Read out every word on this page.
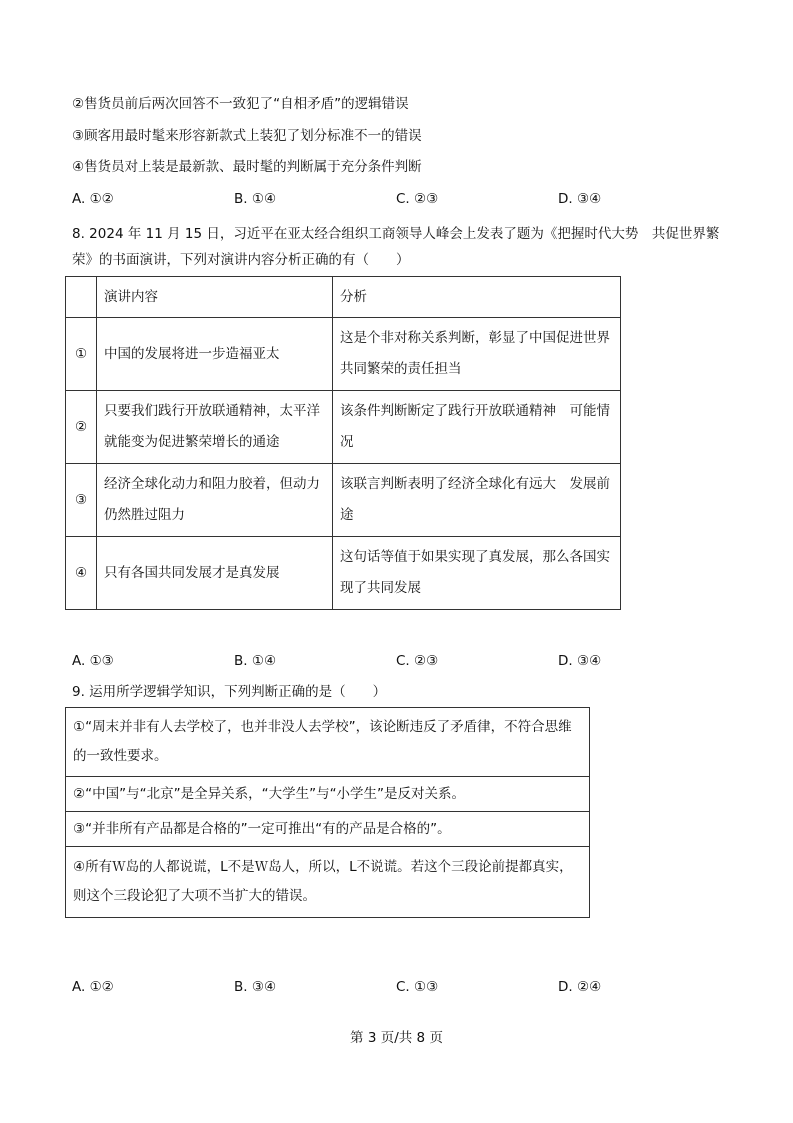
②售货员前后两次回答不一致犯了“自相矛盾”的逻辑错误
③顾客用最时髦来形容新款式上装犯了划分标准不一的错误
④售货员对上装是最新款、最时髦的判断属于充分条件判断
A. ①②	B. ①④	C. ②③	D. ③④
8. 2024 年 11 月 15 日，习近平在亚太经合组织工商领导人峰会上发表了题为《把握时代大势　共促世界繁
荣》的书面演讲，下列对演讲内容分析正确的有（　　）
	演讲内容	分析
①	中国的发展将进一步造福亚太	这是个非对称关系判断，彰显了中国促进世界共同繁荣的责任担当
②	只要我们践行开放联通精神，太平洋就能变为促进繁荣增长的通途	该条件判断断定了践行开放联通精神　可能情况
③	经济全球化动力和阻力胶着，但动力仍然胜过阻力	该联言判断表明了经济全球化有远大　发展前途
④	只有各国共同发展才是真发展	这句话等值于如果实现了真发展，那么各国实现了共同发展
A. ①③	B. ①④	C. ②③	D. ③④
9. 运用所学逻辑学知识，下列判断正确的是（　　）
①“周末并非有人去学校了，也并非没人去学校”，该论断违反了矛盾律，不符合思维的一致性要求。
②“中国”与“北京”是全异关系，“大学生”与“小学生”是反对关系。
③“并非所有产品都是合格的”一定可推出“有的产品是合格的”。
④所有Ｗ岛的人都说谎，L不是Ｗ岛人，所以，L不说谎。若这个三段论前提都真实，则这个三段论犯了大项不当扩大的错误。
A. ①②	B. ③④	C. ①③	D. ②④
第 3 页/共 8 页
